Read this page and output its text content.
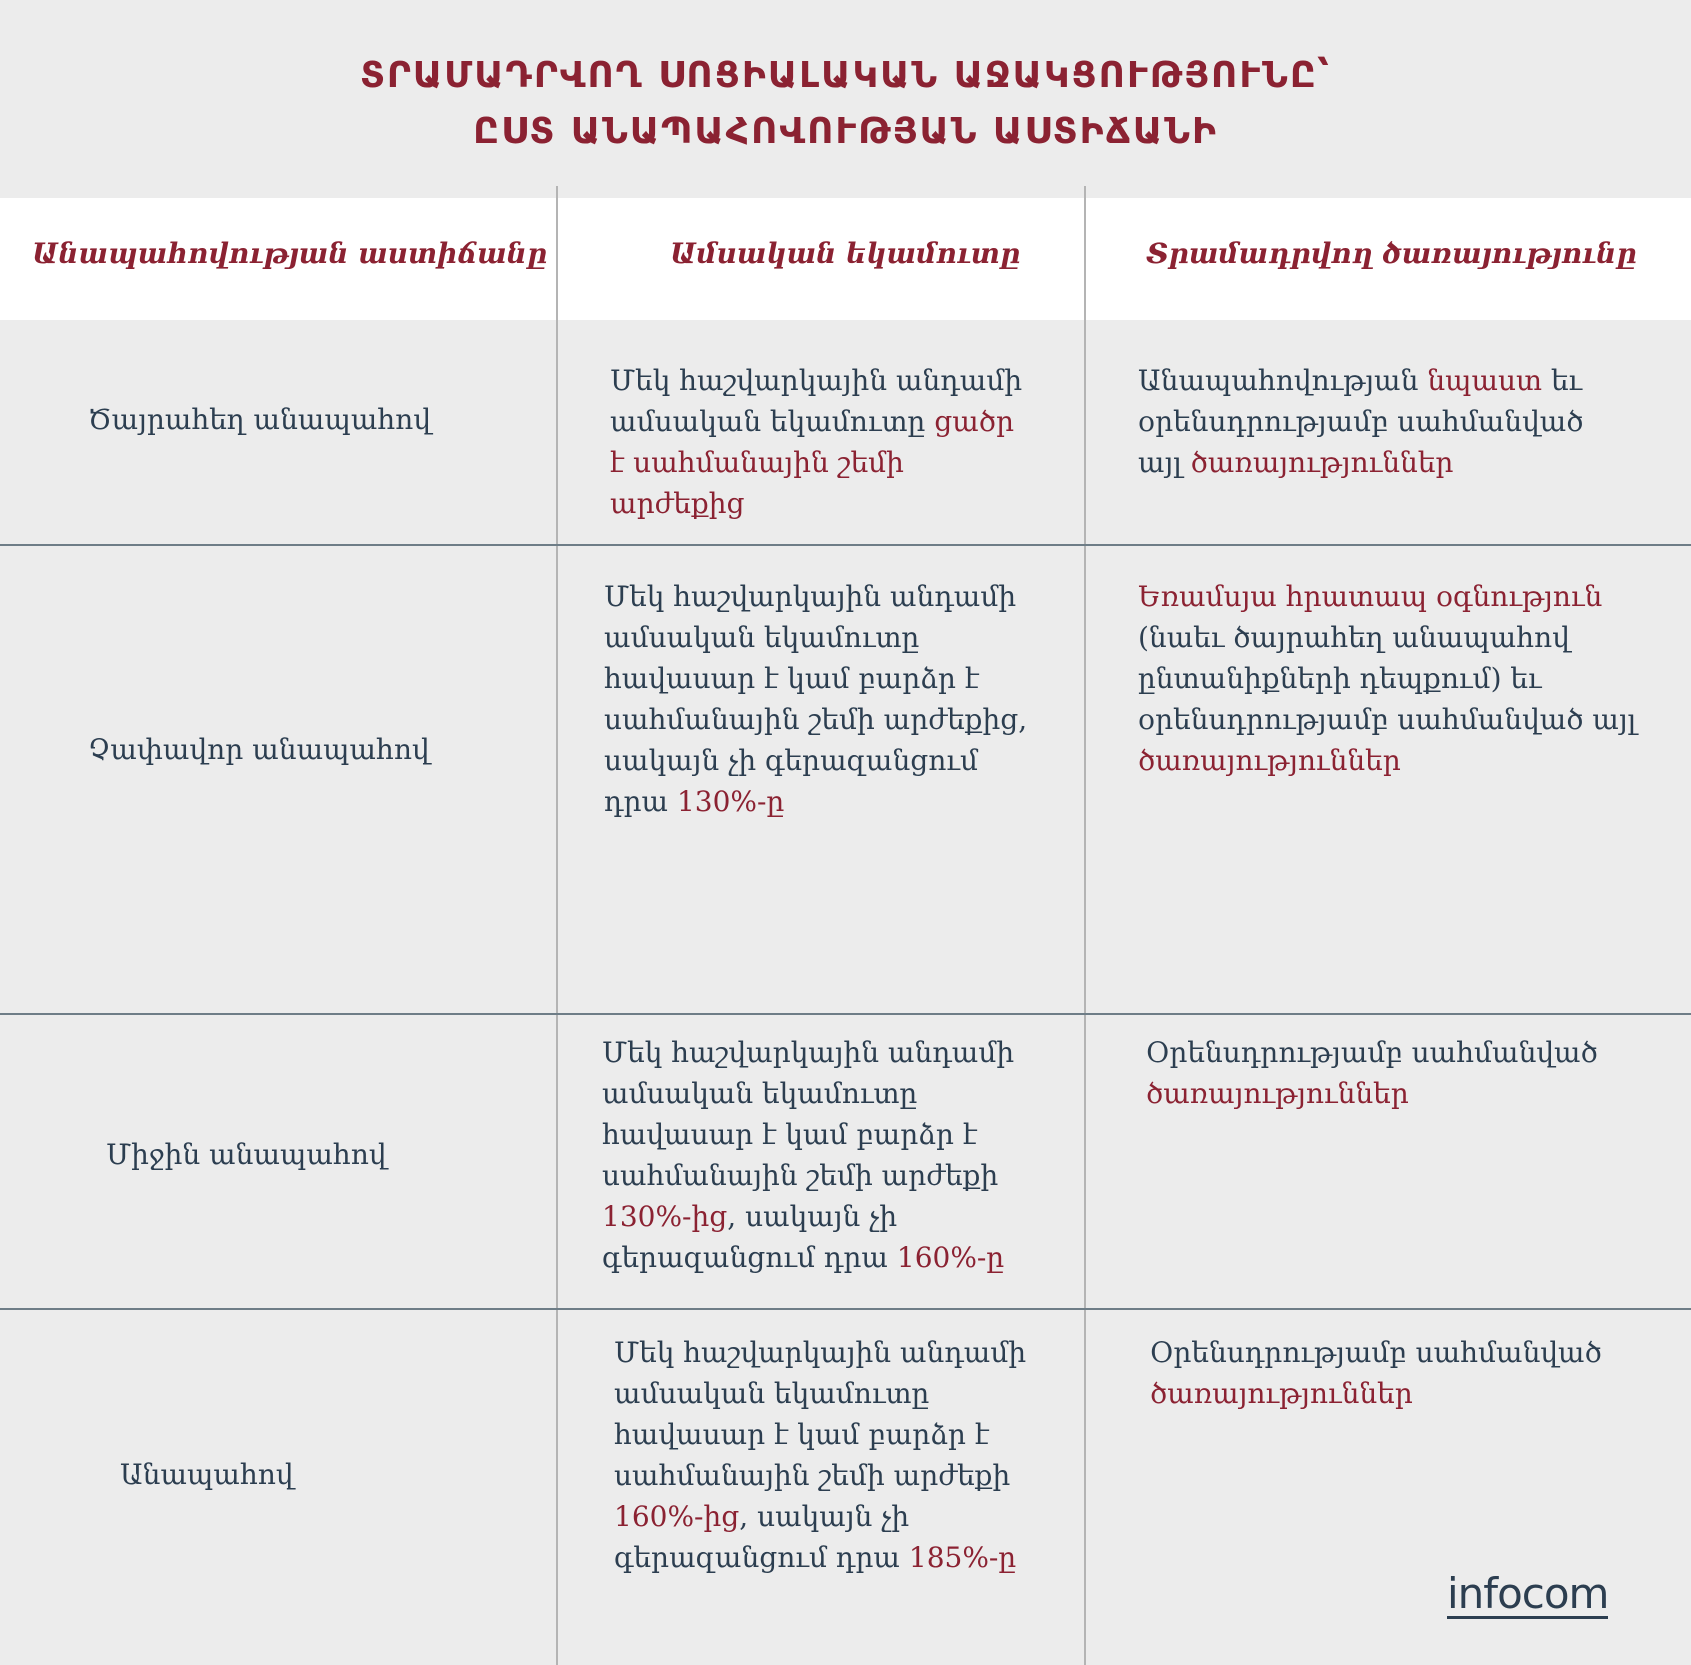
ՏՐԱՄԱԴՐՎՈՂ ՍՈՑԻԱԼԱԿԱՆ ԱՋԱԿՑՈՒԹՅՈՒՆԸ՝
ԸՍՏ ԱՆԱՊԱՀՈՎՈՒԹՅԱՆ ԱՍՏԻՃԱՆԻ
Անապահովության աստիճանը	Ամսական եկամուտը	Տրամադրվող ծառայությունը
Ծայրահեղ անապահով
Մեկ հաշվարկային անդամի
ամսական եկամուտը ցածր
է սահմանային շեմի
արժեքից
Անապահովության նպաստ եւ
օրենսդրությամբ սահմանված
այլ ծառայություններ
Չափավոր անապահով
Մեկ հաշվարկային անդամի
ամսական եկամուտը
հավասար է կամ բարձր է
սահմանային շեմի արժեքից,
սակայն չի գերազանցում
դրա 130%-ը
Եռամսյա հրատապ օգնություն
(նաեւ ծայրահեղ անապահով
ընտանիքների դեպքում) եւ
օրենսդրությամբ սահմանված այլ
ծառայություններ
Միջին անապահով
Մեկ հաշվարկային անդամի
ամսական եկամուտը
հավասար է կամ բարձր է
սահմանային շեմի արժեքի
130%-ից, սակայն չի
գերազանցում դրա 160%-ը
Օրենսդրությամբ սահմանված
ծառայություններ
Անապահով
Մեկ հաշվարկային անդամի
ամսական եկամուտը
հավասար է կամ բարձր է
սահմանային շեմի արժեքի
160%-ից, սակայն չի
գերազանցում դրա 185%-ը
Օրենսդրությամբ սահմանված
ծառայություններ
infocom
